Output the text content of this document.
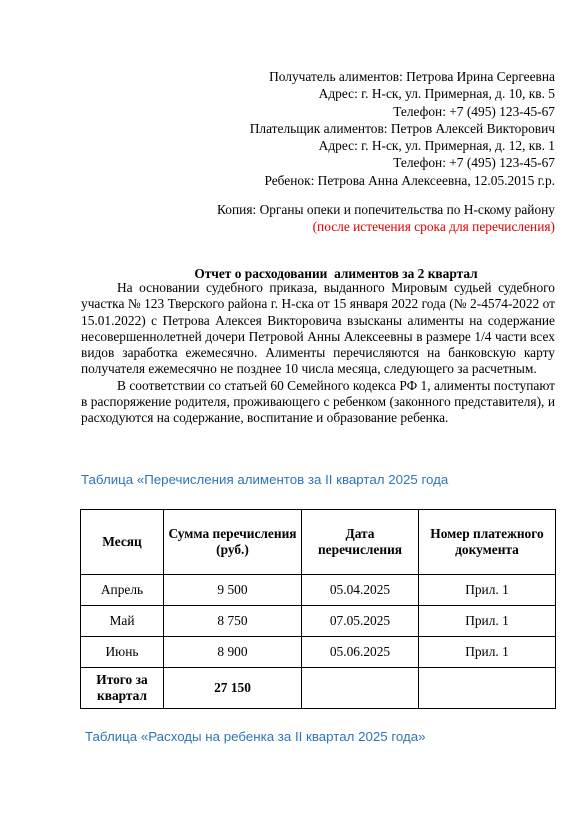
Получатель алиментов: Петрова Ирина Сергеевна
Адрес: г. Н-ск, ул. Примерная, д. 10, кв. 5
Телефон: +7 (495) 123-45-67
Плательщик алиментов: Петров Алексей Викторович
Адрес: г. Н-ск, ул. Примерная, д. 12, кв. 1
Телефон: +7 (495) 123-45-67
Ребенок: Петрова Анна Алексеевна, 12.05.2015 г.р.
Копия: Органы опеки и попечительства по Н-скому району
(после истечения срока для перечисления)
Отчет о расходовании  алиментов за 2 квартал

На основании судебного приказа, выданного Мировым судьей судебного участка № 123 Тверского района г. Н-ска от 15 января 2022 года (№ 2-4574-2022 от 15.01.2022) с Петрова Алексея Викторовича взысканы алименты на содержание несовершеннолетней дочери Петровой Анны Алексеевны в размере 1/4 части всех видов заработка ежемесячно. Алименты перечисляются на банковскую карту получателя ежемесячно не позднее 10 числа месяца, следующего за расчетным.

В соответствии со статьей 60 Семейного кодекса РФ 1, алименты поступают в распоряжение родителя, проживающего с ребенком (законного представителя), и расходуются на содержание, воспитание и образование ребенка.

Таблица «Перечисления алиментов за II квартал 2025 года
Месяц	Сумма перечисления (руб.)	Дата перечисления	Номер платежного документа
Апрель	9 500	05.04.2025	Прил. 1
Май	8 750	07.05.2025	Прил. 1
Июнь	8 900	05.06.2025	Прил. 1
Итого за квартал	27 150		
Таблица «Расходы на ребенка за II квартал 2025 года»
